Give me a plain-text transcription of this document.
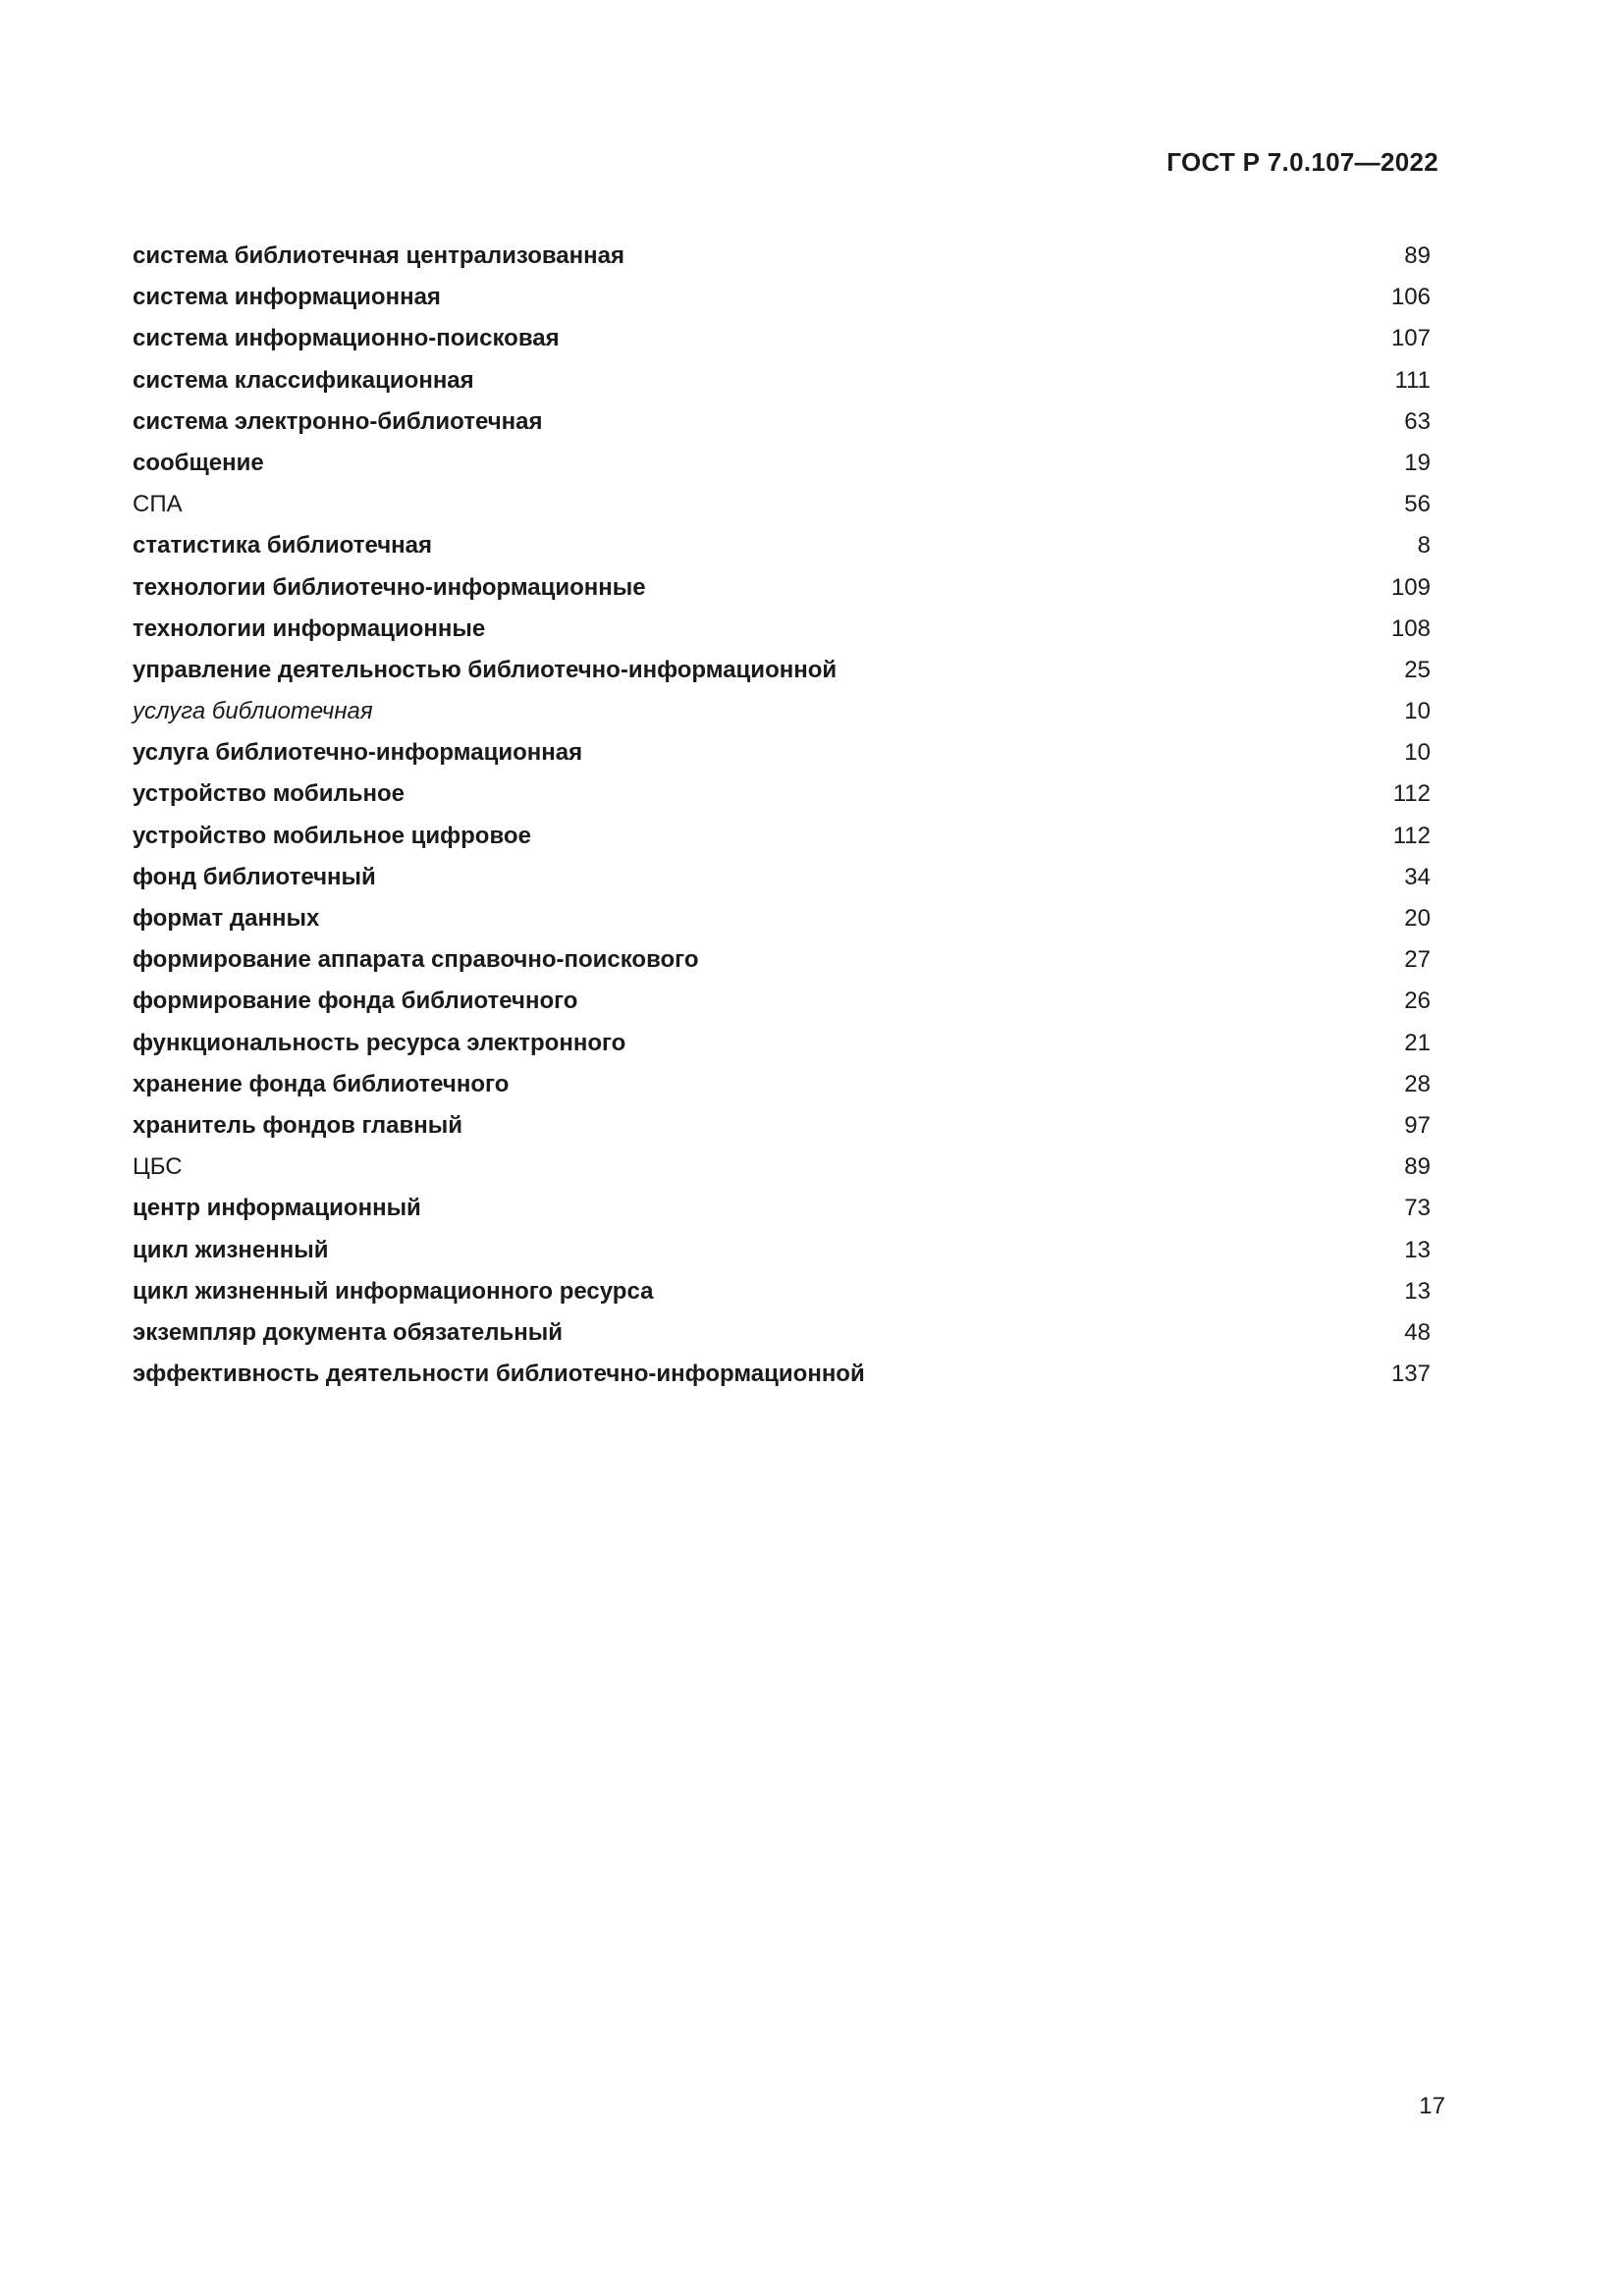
ГОСТ Р 7.0.107—2022
система библиотечная централизованная	89
система информационная	106
система информационно-поисковая	107
система классификационная	111
система электронно-библиотечная	63
сообщение	19
СПА	56
статистика библиотечная	8
технологии библиотечно-информационные	109
технологии информационные	108
управление деятельностью библиотечно-информационной	25
услуга библиотечная	10
услуга библиотечно-информационная	10
устройство мобильное	112
устройство мобильное цифровое	112
фонд библиотечный	34
формат данных	20
формирование аппарата справочно-поискового	27
формирование фонда библиотечного	26
функциональность ресурса электронного	21
хранение фонда библиотечного	28
хранитель фондов главный	97
ЦБС	89
центр информационный	73
цикл жизненный	13
цикл жизненный информационного ресурса	13
экземпляр документа обязательный	48
эффективность деятельности библиотечно-информационной	137
17
